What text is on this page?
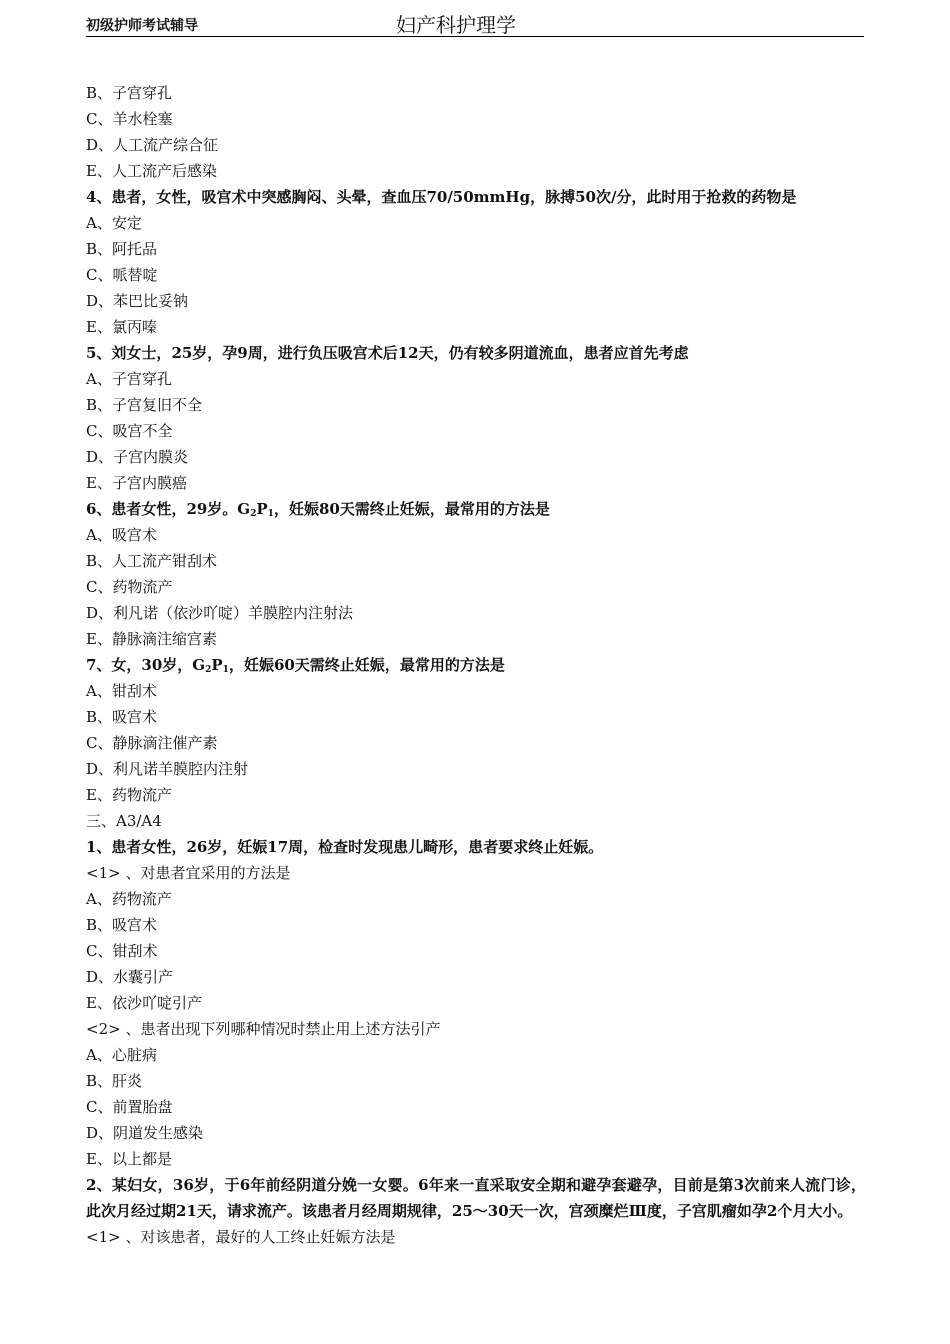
初级护师考试辅导	妇产科护理学
B、子宫穿孔
C、羊水栓塞
D、人工流产综合征
E、人工流产后感染
4、患者，女性，吸宫术中突感胸闷、头晕，查血压70/50mmHg，脉搏50次/分，此时用于抢救的药物是
A、安定
B、阿托品
C、哌替啶
D、苯巴比妥钠
E、氯丙嗪
5、刘女士，25岁，孕9周，进行负压吸宫术后12天，仍有较多阴道流血，患者应首先考虑
A、子宫穿孔
B、子宫复旧不全
C、吸宫不全
D、子宫内膜炎
E、子宫内膜癌
6、患者女性，29岁。$G_2P_1$，妊娠80天需终止妊娠，最常用的方法是
A、吸宫术
B、人工流产钳刮术
C、药物流产
D、利凡诺（依沙吖啶）羊膜腔内注射法
E、静脉滴注缩宫素
7、女，30岁，$G_2P_1$，妊娠60天需终止妊娠，最常用的方法是
A、钳刮术
B、吸宫术
C、静脉滴注催产素
D、利凡诺羊膜腔内注射
E、药物流产
三、A3/A4
1、患者女性，26岁，妊娠17周，检查时发现患儿畸形，患者要求终止妊娠。
<1> 、对患者宜采用的方法是
A、药物流产
B、吸宫术
C、钳刮术
D、水囊引产
E、依沙吖啶引产
<2> 、患者出现下列哪种情况时禁止用上述方法引产
A、心脏病
B、肝炎
C、前置胎盘
D、阴道发生感染
E、以上都是
2、某妇女，36岁，于6年前经阴道分娩一女婴。6年来一直采取安全期和避孕套避孕，目前是第3次前来人流门诊，此次月经过期21天，请求流产。该患者月经周期规律，25～30天一次，宫颈糜烂Ⅲ度，子宫肌瘤如孕2个月大小。
<1> 、对该患者，最好的人工终止妊娠方法是
